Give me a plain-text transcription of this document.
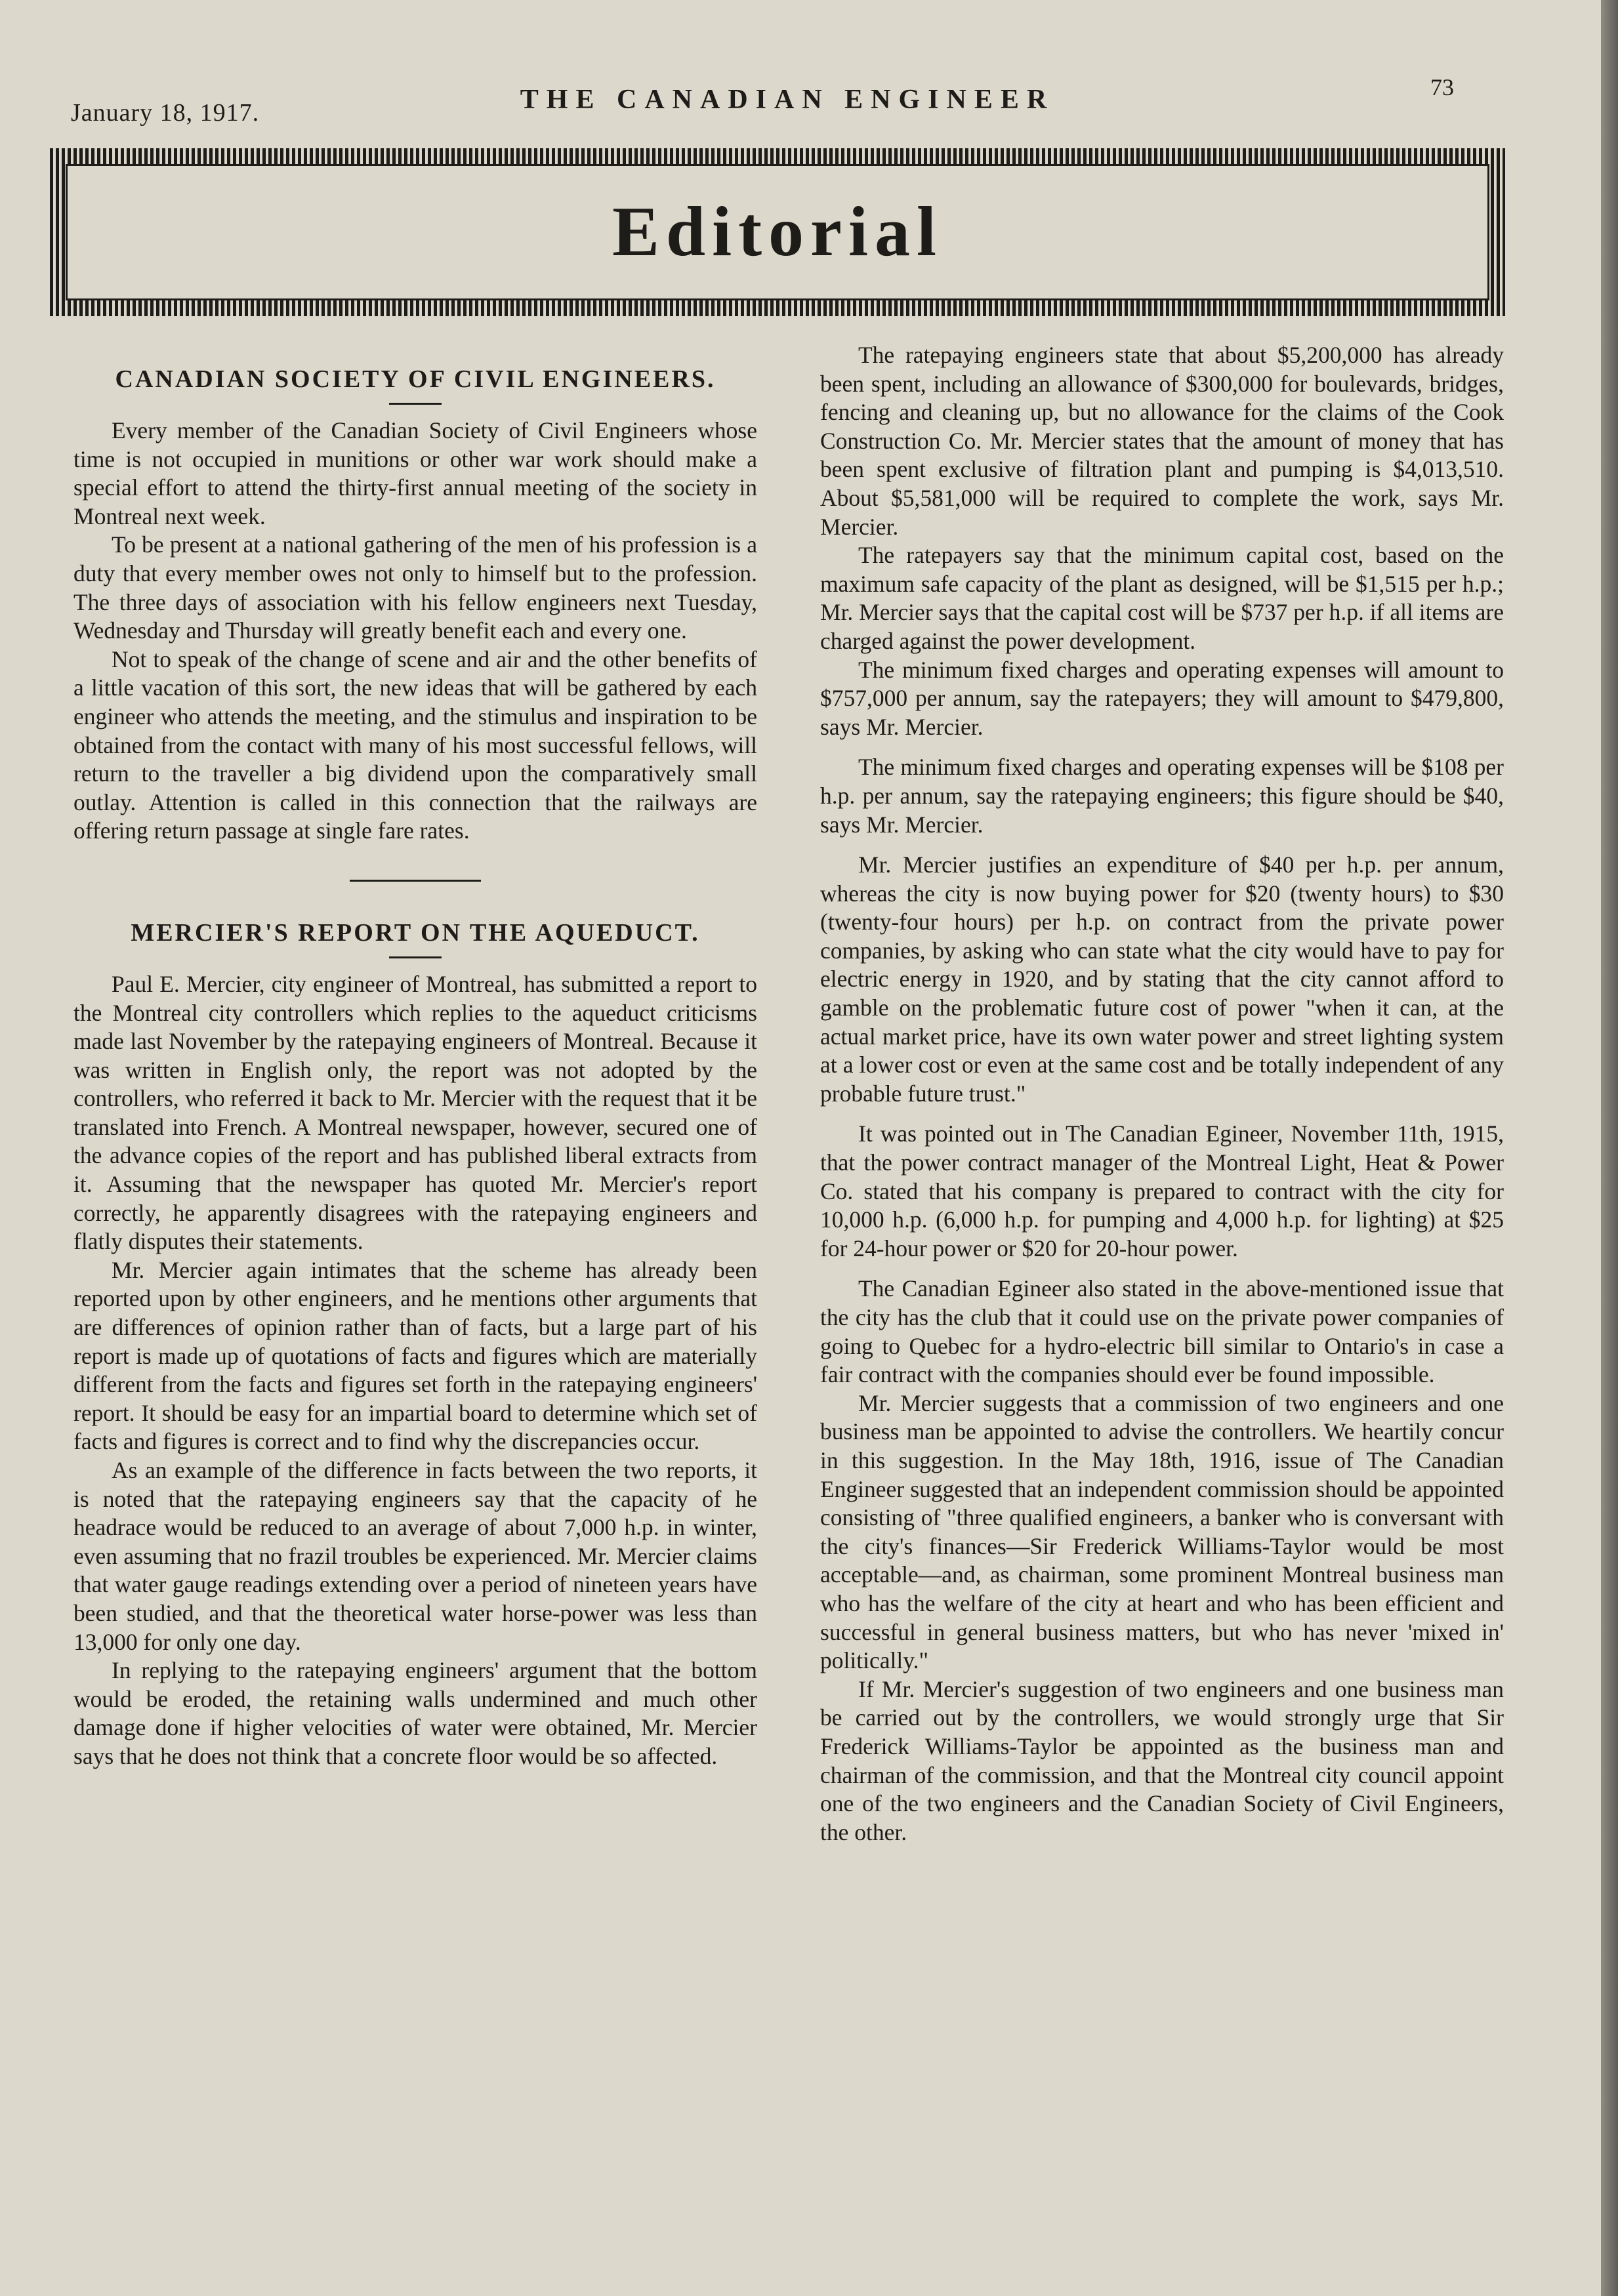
January 18, 1917.	THE CANADIAN ENGINEER	73
Editorial
CANADIAN SOCIETY OF CIVIL ENGINEERS.

Every member of the Canadian Society of Civil Engineers whose time is not occupied in munitions or other war work should make a special effort to attend the thirty-first annual meeting of the society in Montreal next week.

To be present at a national gathering of the men of his profession is a duty that every member owes not only to himself but to the profession. The three days of association with his fellow engineers next Tuesday, Wednesday and Thursday will greatly benefit each and every one.

Not to speak of the change of scene and air and the other benefits of a little vacation of this sort, the new ideas that will be gathered by each engineer who attends the meeting, and the stimulus and inspiration to be obtained from the contact with many of his most successful fellows, will return to the traveller a big dividend upon the comparatively small outlay. Attention is called in this connection that the railways are offering return passage at single fare rates.

MERCIER'S REPORT ON THE AQUEDUCT.

Paul E. Mercier, city engineer of Montreal, has submitted a report to the Montreal city controllers which replies to the aqueduct criticisms made last November by the ratepaying engineers of Montreal. Because it was written in English only, the report was not adopted by the controllers, who referred it back to Mr. Mercier with the request that it be translated into French. A Montreal newspaper, however, secured one of the advance copies of the report and has published liberal extracts from it. Assuming that the newspaper has quoted Mr. Mercier's report correctly, he apparently disagrees with the ratepaying engineers and flatly disputes their statements.

Mr. Mercier again intimates that the scheme has already been reported upon by other engineers, and he mentions other arguments that are differences of opinion rather than of facts, but a large part of his report is made up of quotations of facts and figures which are materially different from the facts and figures set forth in the ratepaying engineers' report. It should be easy for an impartial board to determine which set of facts and figures is correct and to find why the discrepancies occur.

As an example of the difference in facts between the two reports, it is noted that the ratepaying engineers say that the capacity of he headrace would be reduced to an average of about 7,000 h.p. in winter, even assuming that no frazil troubles be experienced. Mr. Mercier claims that water gauge readings extending over a period of nineteen years have been studied, and that the theoretical water horse-power was less than 13,000 for only one day.

In replying to the ratepaying engineers' argument that the bottom would be eroded, the retaining walls undermined and much other damage done if higher velocities of water were obtained, Mr. Mercier says that he does not think that a concrete floor would be so affected.

The ratepaying engineers state that about $5,200,000 has already been spent, including an allowance of $300,000 for boulevards, bridges, fencing and cleaning up, but no allowance for the claims of the Cook Construction Co. Mr. Mercier states that the amount of money that has been spent exclusive of filtration plant and pumping is $4,013,510. About $5,581,000 will be required to complete the work, says Mr. Mercier.

The ratepayers say that the minimum capital cost, based on the maximum safe capacity of the plant as designed, will be $1,515 per h.p.; Mr. Mercier says that the capital cost will be $737 per h.p. if all items are charged against the power development.

The minimum fixed charges and operating expenses will amount to $757,000 per annum, say the ratepayers; they will amount to $479,800, says Mr. Mercier.

The minimum fixed charges and operating expenses will be $108 per h.p. per annum, say the ratepaying engineers; this figure should be $40, says Mr. Mercier.

Mr. Mercier justifies an expenditure of $40 per h.p. per annum, whereas the city is now buying power for $20 (twenty hours) to $30 (twenty-four hours) per h.p. on contract from the private power companies, by asking who can state what the city would have to pay for electric energy in 1920, and by stating that the city cannot afford to gamble on the problematic future cost of power "when it can, at the actual market price, have its own water power and street lighting system at a lower cost or even at the same cost and be totally independent of any probable future trust."

It was pointed out in The Canadian Egineer, November 11th, 1915, that the power contract manager of the Montreal Light, Heat & Power Co. stated that his company is prepared to contract with the city for 10,000 h.p. (6,000 h.p. for pumping and 4,000 h.p. for lighting) at $25 for 24-hour power or $20 for 20-hour power.

The Canadian Egineer also stated in the above-mentioned issue that the city has the club that it could use on the private power companies of going to Quebec for a hydro-electric bill similar to Ontario's in case a fair contract with the companies should ever be found impossible.

Mr. Mercier suggests that a commission of two engineers and one business man be appointed to advise the controllers. We heartily concur in this suggestion. In the May 18th, 1916, issue of The Canadian Engineer suggested that an independent commission should be appointed consisting of "three qualified engineers, a banker who is conversant with the city's finances—Sir Frederick Williams-Taylor would be most acceptable—and, as chairman, some prominent Montreal business man who has the welfare of the city at heart and who has been efficient and successful in general business matters, but who has never 'mixed in' politically."

If Mr. Mercier's suggestion of two engineers and one business man be carried out by the controllers, we would strongly urge that Sir Frederick Williams-Taylor be appointed as the business man and chairman of the commission, and that the Montreal city council appoint one of the two engineers and the Canadian Society of Civil Engineers, the other.
